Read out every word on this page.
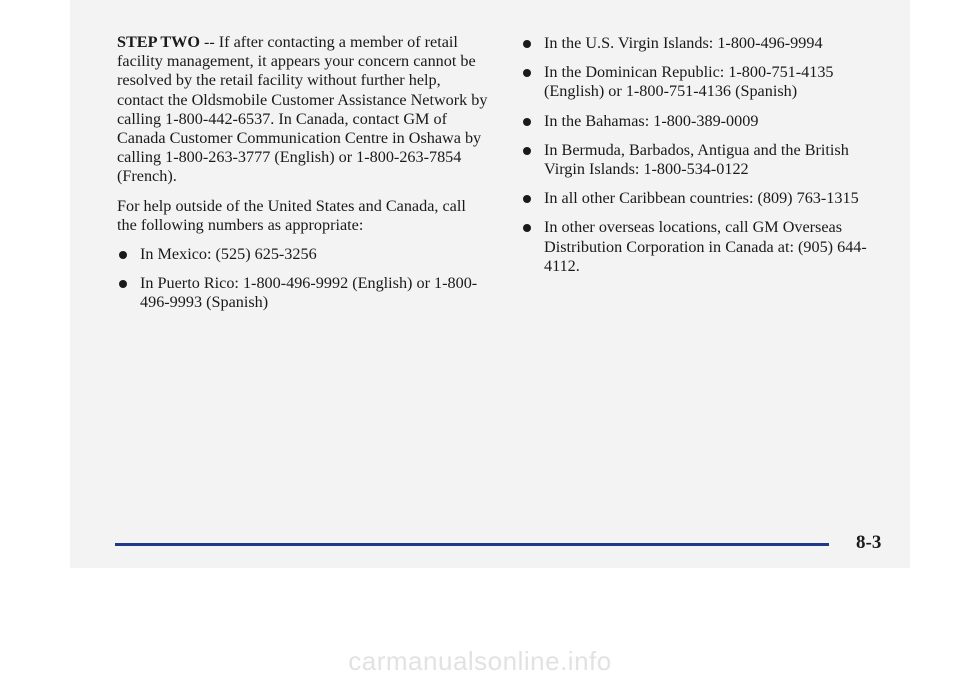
STEP TWO -- If after contacting a member of retail facility management, it appears your concern cannot be resolved by the retail facility without further help, contact the Oldsmobile Customer Assistance Network by calling 1-800-442-6537. In Canada, contact GM of Canada Customer Communication Centre in Oshawa by calling 1-800-263-3777 (English) or 1-800-263-7854 (French).

For help outside of the United States and Canada, call the following numbers as appropriate:

In Mexico: (525) 625-3256
In Puerto Rico: 1-800-496-9992 (English) or 1-800-496-9993 (Spanish)
In the U.S. Virgin Islands: 1-800-496-9994
In the Dominican Republic: 1-800-751-4135 (English) or 1-800-751-4136 (Spanish)
In the Bahamas: 1-800-389-0009
In Bermuda, Barbados, Antigua and the British Virgin Islands: 1-800-534-0122
In all other Caribbean countries: (809) 763-1315
In other overseas locations, call GM Overseas Distribution Corporation in Canada at: (905) 644-4112.
8-3
carmanualsonline.info
